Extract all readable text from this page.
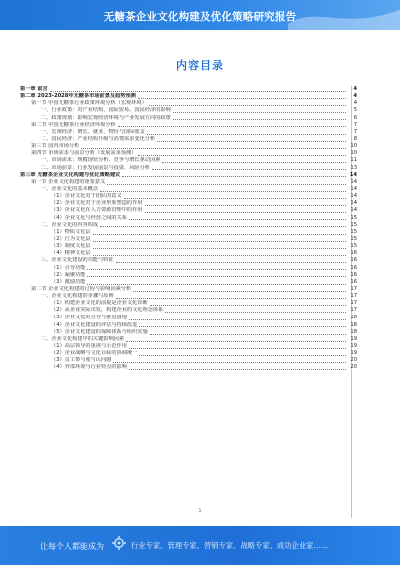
无糖茶企业文化构建及优化策略研究报告
内容目录
第一章 前言	4
第二章 2023-2028年无糖茶市场前景及趋势预测	4
第一节 中国无糖茶行业政策环境分析（宏观环境）	4
一、行业政策：对产业结构、国际贸易、国民经济的影响	5
二、政策规划：影响宏观经济环境与产业发展方向的政策	6
第二节 中国无糖茶行业经济环境分析	7
一、宏观经济：增长、就业、物价与国际收支	7
二、国民经济：产业结构升级与消费需求变化分析	8
第三节 国内市场分析	10
第四节 市场需求与前景分析（发展需求预测）	10
一、市场需求：规模现状分析、竞争与增长驱动因素	11
二、市场前景：行业发展前景与投资、风险分析	13
第三章 无糖茶企业文化构建与优化策略建议	14
第一节 企业文化构建的重要意义	14
一、企业文化的基本概念	14
（1）企业文化对于团队的意义	14
（2）企业文化对于企业形象塑造的作用	14
（3）企业文化在人力资源管理中的作用	14
（4）企业文化与经营之间的关系	15
二、企业文化的内容构成	15
（1）物质文化层	15
（2）行为文化层	15
（3）制度文化层	15
（4）精神文化层	16
三、企业文化建设的功能与特征	16
（1）引导功能	16
（2）凝聚功能	16
（3）激励功能	16
第二节 企业文化构建的过程与影响因素分析	17
一、企业文化构建的步骤与原则	17
（1）构建企业文化的前提是企业文化诊断	17
（2）从企业实际出发，构建企业的文化理念体系	17
（3）企业文化的宣导与推进落地	18
（4）企业文化建设的评估与持续改进	18
（5）企业文化建设的保障体系与组织实施	18
二、企业文化构建中的关键影响因素	19
（1）高层领导的重视与示范作用	19
（2）企业战略与文化目标的协调统一	19
（3）员工参与度与认同感	20
（4）外部环境与行业特点的影响	20
1
让每个人都能成为	行业专家、管理专家、营销专家、战略专家、成功企业家……
